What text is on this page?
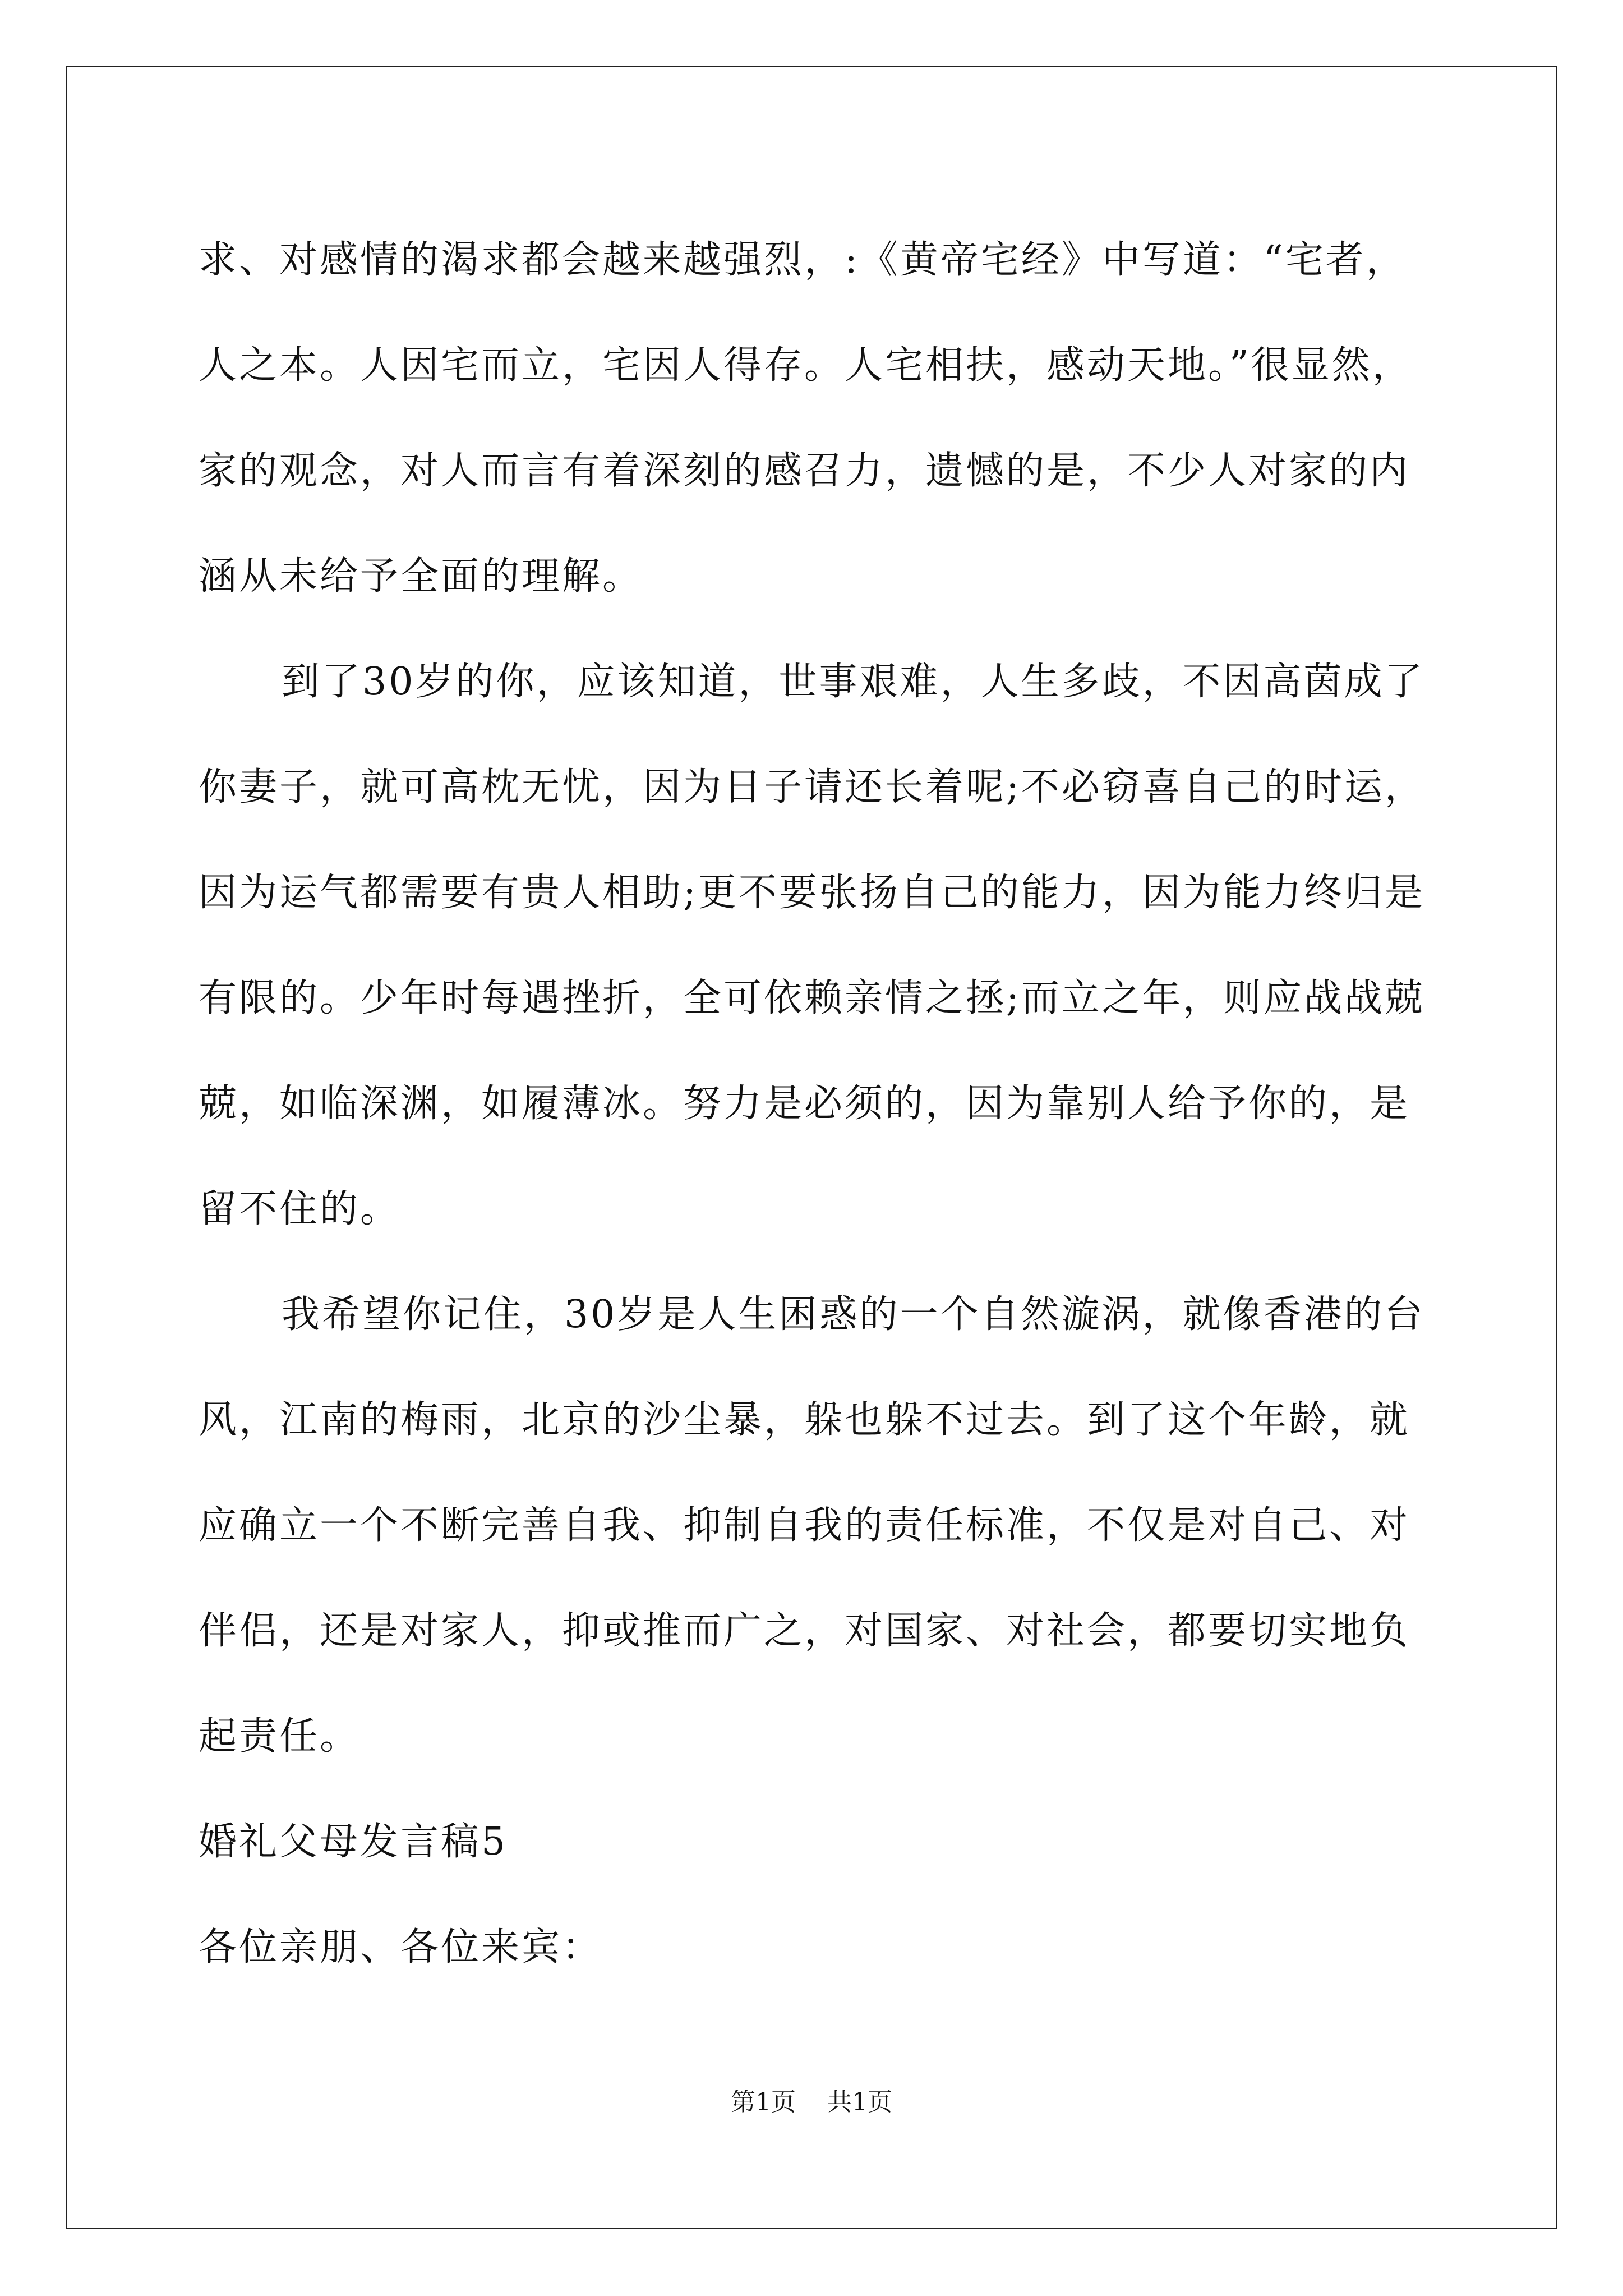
求、对感情的渴求都会越来越强烈，:《黄帝宅经》中写道：“宅者，人之本。人因宅而立，宅因人得存。人宅相扶，感动天地。”很显然，家的观念，对人而言有着深刻的感召力，遗憾的是，不少人对家的内涵从未给予全面的理解。

到了30岁的你，应该知道，世事艰难，人生多歧，不因高茵成了你妻子，就可高枕无忧，因为日子请还长着呢;不必窃喜自己的时运，因为运气都需要有贵人相助;更不要张扬自己的能力，因为能力终归是有限的。少年时每遇挫折，全可依赖亲情之拯;而立之年，则应战战兢兢，如临深渊，如履薄冰。努力是必须的，因为靠别人给予你的，是留不住的。

我希望你记住，30岁是人生困惑的一个自然漩涡，就像香港的台风，江南的梅雨，北京的沙尘暴，躲也躲不过去。到了这个年龄，就应确立一个不断完善自我、抑制自我的责任标准，不仅是对自己、对伴侣，还是对家人，抑或推而广之，对国家、对社会，都要切实地负起责任。

婚礼父母发言稿5

各位亲朋、各位来宾：

第1页 共1页
